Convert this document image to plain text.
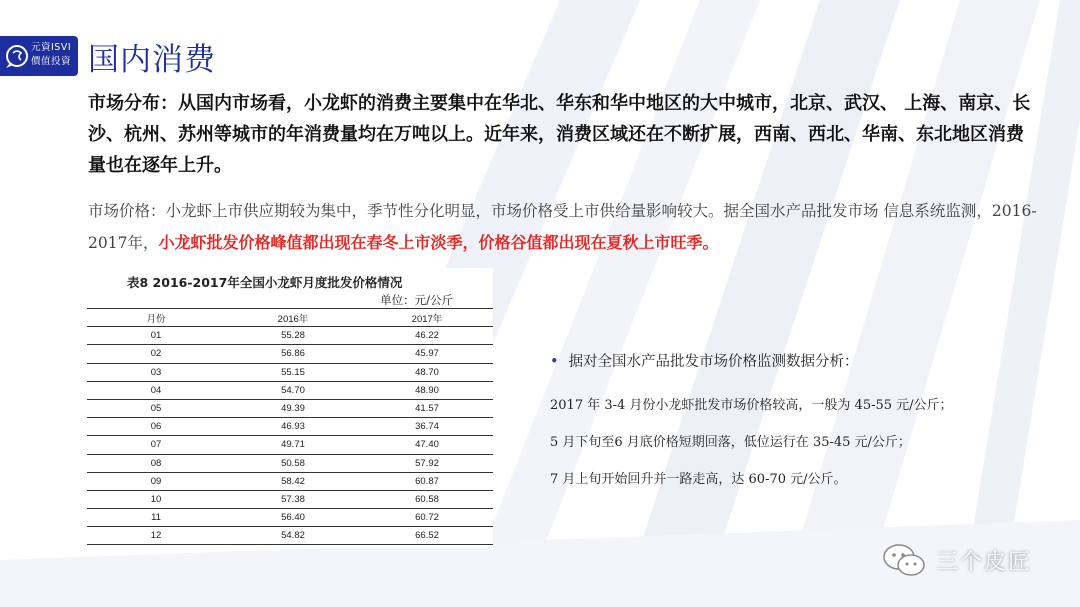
元資ISVI
價值投資 国内消费

市场分布：从国内市场看，小龙虾的消费主要集中在华北、华东和华中地区的大中城市，北京、武汉、 上海、南京、长沙、杭州、苏州等城市的年消费量均在万吨以上。近年来，消费区域还在不断扩展，西南、西北、华南、东北地区消费量也在逐年上升。

市场价格：小龙虾上市供应期较为集中，季节性分化明显，市场价格受上市供给量影响较大。据全国水产品批发市场 信息系统监测，2016-2017年，小龙虾批发价格峰值都出现在春冬上市淡季，价格谷值都出现在夏秋上市旺季。

表8 2016-2017年全国小龙虾月度批发价格情况
单位：元/公斤
月份	2016年	2017年
01	55.28	46.22
02	56.86	45.97
03	55.15	48.70
04	54.70	48.90
05	49.39	41.57
06	46.93	36.74
07	49.71	47.40
08	50.58	57.92
09	58.42	60.87
10	57.38	60.58
11	56.40	60.72
12	54.82	66.52
• 据对全国水产品批发市场价格监测数据分析：
2017 年 3-4 月份小龙虾批发市场价格较高，一般为 45-55 元/公斤；
5 月下旬至6 月底价格短期回落，低位运行在 35-45 元/公斤；
7 月上旬开始回升并一路走高，达 60-70 元/公斤。
三个皮匠
